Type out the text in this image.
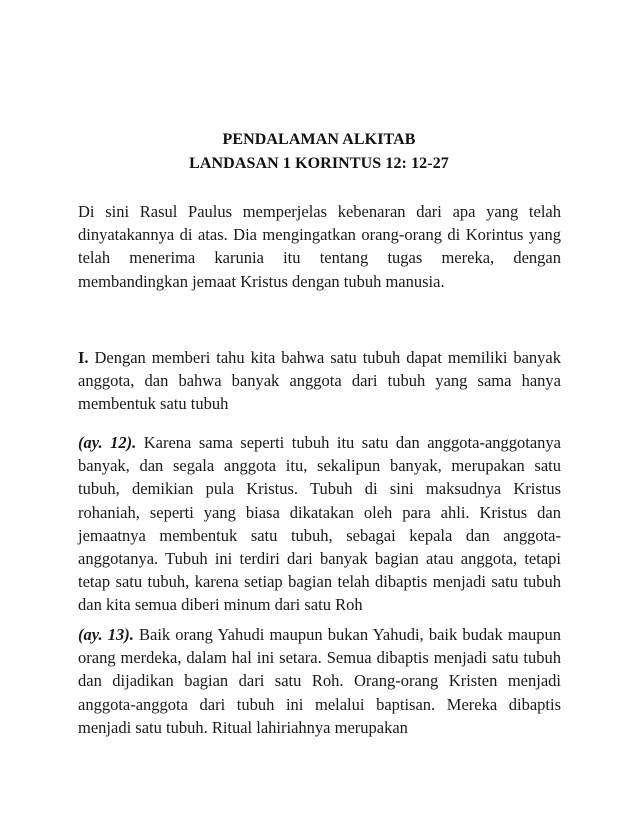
PENDALAMAN ALKITAB
LANDASAN 1 KORINTUS 12: 12-27

Di sini Rasul Paulus memperjelas kebenaran dari apa yang telah dinyatakannya di atas. Dia mengingatkan orang-orang di Korintus yang telah menerima karunia itu tentang tugas mereka, dengan membandingkan jemaat Kristus dengan tubuh manusia.

I. Dengan memberi tahu kita bahwa satu tubuh dapat memiliki banyak anggota, dan bahwa banyak anggota dari tubuh yang sama hanya membentuk satu tubuh

(ay. 12). Karena sama seperti tubuh itu satu dan anggota-anggotanya banyak, dan segala anggota itu, sekalipun banyak, merupakan satu tubuh, demikian pula Kristus. Tubuh di sini maksudnya Kristus rohaniah, seperti yang biasa dikatakan oleh para ahli. Kristus dan jemaatnya membentuk satu tubuh, sebagai kepala dan anggota-anggotanya. Tubuh ini terdiri dari banyak bagian atau anggota, tetapi tetap satu tubuh, karena setiap bagian telah dibaptis menjadi satu tubuh dan kita semua diberi minum dari satu Roh

(ay. 13). Baik orang Yahudi maupun bukan Yahudi, baik budak maupun orang merdeka, dalam hal ini setara. Semua dibaptis menjadi satu tubuh dan dijadikan bagian dari satu Roh. Orang-orang Kristen menjadi anggota-anggota dari tubuh ini melalui baptisan. Mereka dibaptis menjadi satu tubuh. Ritual lahiriahnya merupakan
